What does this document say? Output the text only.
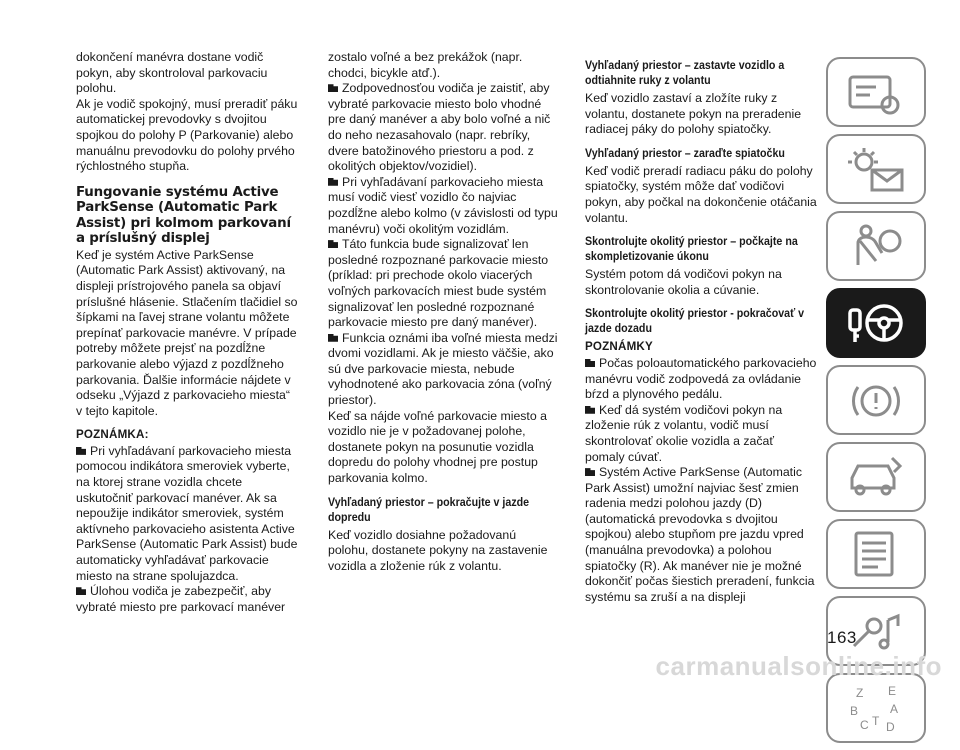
dokončení manévra dostane vodič pokyn, aby skontroloval parkovaciu polohu.

Ak je vodič spokojný, musí preradiť páku automatickej prevodovky s dvojitou spojkou do polohy P (Parkovanie) alebo manuálnu prevodovku do polohy prvého rýchlostného stupňa.

Fungovanie systému Active ParkSense (Automatic Park Assist) pri kolmom parkovaní a príslušný displej

Keď je systém Active ParkSense (Automatic Park Assist) aktivovaný, na displeji prístrojového panela sa objaví príslušné hlásenie. Stlačením tlačidiel so šípkami na ľavej strane volantu môžete prepínať parkovacie manévre. V prípade potreby môžete prejsť na pozdĺžne parkovanie alebo výjazd z pozdĺžneho parkovania. Ďalšie informácie nájdete v odseku „Výjazd z parkovacieho miesta“ v tejto kapitole.

POZNÁMKA:

Pri vyhľadávaní parkovacieho miesta pomocou indikátora smeroviek vyberte, na ktorej strane vozidla chcete uskutočniť parkovací manéver. Ak sa nepoužije indikátor smeroviek, systém aktívneho parkovacieho asistenta Active ParkSense (Automatic Park Assist) bude automaticky vyhľadávať parkovacie miesto na strane spolujazdca.

Úlohou vodiča je zabezpečiť, aby vybraté miesto pre parkovací manéver

zostalo voľné a bez prekážok (napr. chodci, bicykle atď.).

Zodpovednosťou vodiča je zaistiť, aby vybraté parkovacie miesto bolo vhodné pre daný manéver a aby bolo voľné a nič do neho nezasahovalo (napr. rebríky, dvere batožinového priestoru a pod. z okolitých objektov/vozidiel).

Pri vyhľadávaní parkovacieho miesta musí vodič viesť vozidlo čo najviac pozdĺžne alebo kolmo (v závislosti od typu manévru) voči okolitým vozidlám.

Táto funkcia bude signalizovať len posledné rozpoznané parkovacie miesto (príklad: pri prechode okolo viacerých voľných parkovacích miest bude systém signalizovať len posledné rozpoznané parkovacie miesto pre daný manéver).

Funkcia oznámi iba voľné miesta medzi dvomi vozidlami. Ak je miesto väčšie, ako sú dve parkovacie miesta, nebude vyhodnotené ako parkovacia zóna (voľný priestor).

Keď sa nájde voľné parkovacie miesto a vozidlo nie je v požadovanej polohe, dostanete pokyn na posunutie vozidla dopredu do polohy vhodnej pre postup parkovania kolmo.

Vyhľadaný priestor – pokračujte v jazde dopredu

Keď vozidlo dosiahne požadovanú polohu, dostanete pokyny na zastavenie vozidla a zloženie rúk z volantu.

Vyhľadaný priestor – zastavte vozidlo a odtiahnite ruky z volantu

Keď vozidlo zastaví a zložíte ruky z volantu, dostanete pokyn na preradenie radiacej páky do polohy spiatočky.

Vyhľadaný priestor – zaraďte spiatočku

Keď vodič preradí radiacu páku do polohy spiatočky, systém môže dať vodičovi pokyn, aby počkal na dokončenie otáčania volantu.

Skontrolujte okolitý priestor – počkajte na skompletizovanie úkonu

Systém potom dá vodičovi pokyn na skontrolovanie okolia a cúvanie.

Skontrolujte okolitý priestor - pokračovať v jazde dozadu
POZNÁMKY

Počas poloautomatického parkovacieho manévru vodič zodpovedá za ovládanie bŕzd a plynového pedálu.

Keď dá systém vodičovi pokyn na zloženie rúk z volantu, vodič musí skontrolovať okolie vozidla a začať pomaly cúvať.

Systém Active ParkSense (Automatic Park Assist) umožní najviac šesť zmien radenia medzi polohou jazdy (D) (automatická prevodovka s dvojitou spojkou) alebo stupňom pre jazdu vpred (manuálna prevodovka) a polohou spiatočky (R). Ak manéver nie je možné dokončiť počas šiestich preradení, funkcia systému sa zruší a na displeji

Z E
B	A
C T D
163
carmanualsonline.info
